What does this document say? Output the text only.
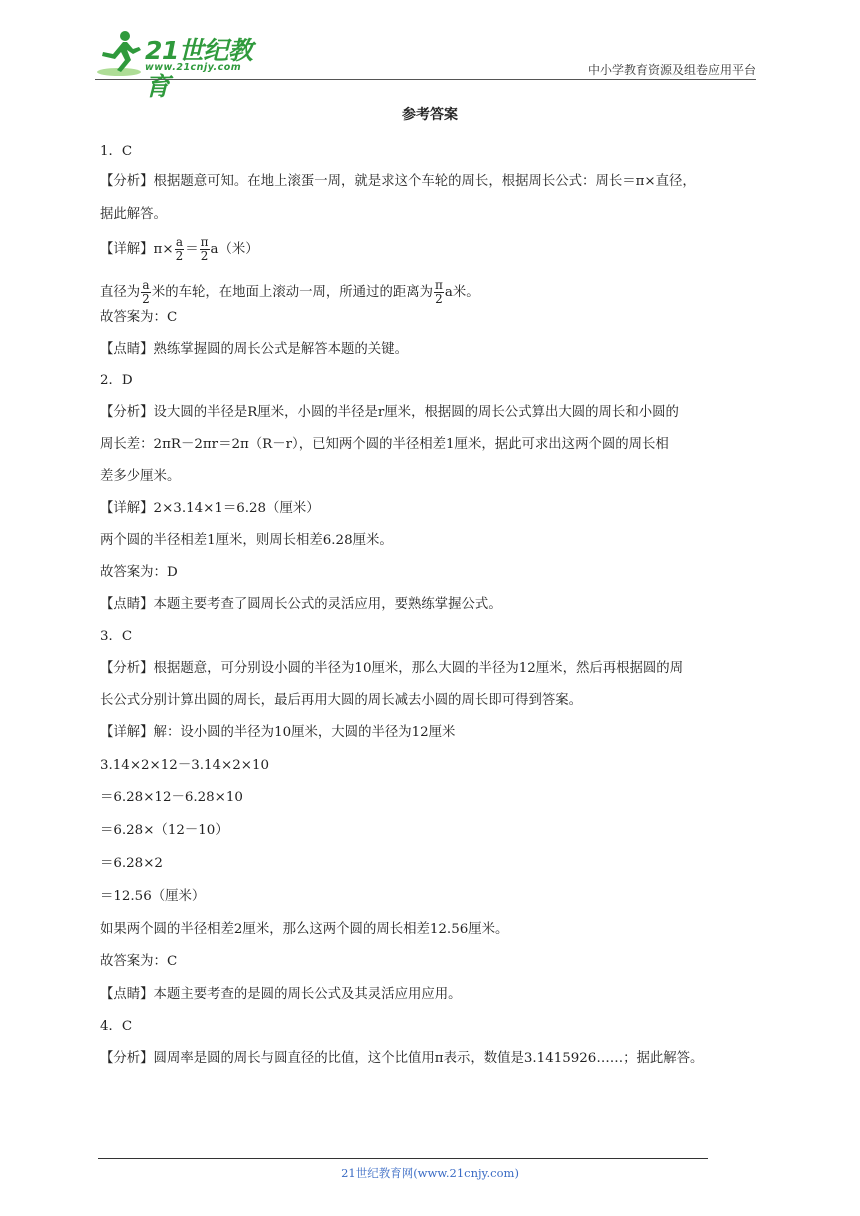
21世纪教育
www.21cnjy.com	中小学教育资源及组卷应用平台
参考答案
1．C
【分析】根据题意可知。在地上滚蛋一周，就是求这个车轮的周长，根据周长公式：周长＝π×直径，
据此解答。
【详解】$\pi\times \frac{a}{2} = \frac{\pi}{2} a$（米）
直径为 $\frac{a}{2}$ 米的车轮，在地面上滚动一周，所通过的距离为 $\frac{\pi}{2}$ a米。
故答案为：C
【点睛】熟练掌握圆的周长公式是解答本题的关键。
2．D
【分析】设大圆的半径是R厘米，小圆的半径是r厘米，根据圆的周长公式算出大圆的周长和小圆的
周长差：2πR－2πr＝2π（R－r），已知两个圆的半径相差1厘米，据此可求出这两个圆的周长相
差多少厘米。
【详解】2×3.14×1＝6.28（厘米）
两个圆的半径相差1厘米，则周长相差6.28厘米。
故答案为：D
【点睛】本题主要考查了圆周长公式的灵活应用，要熟练掌握公式。
3．C
【分析】根据题意，可分别设小圆的半径为10厘米，那么大圆的半径为12厘米，然后再根据圆的周
长公式分别计算出圆的周长，最后再用大圆的周长减去小圆的周长即可得到答案。
【详解】解：设小圆的半径为10厘米，大圆的半径为12厘米
3.14×2×12－3.14×2×10
＝6.28×12－6.28×10
＝6.28×（12－10）
＝6.28×2
＝12.56（厘米）
如果两个圆的半径相差2厘米，那么这两个圆的周长相差12.56厘米。
故答案为：C
【点睛】本题主要考查的是圆的周长公式及其灵活应用应用。
4．C
【分析】圆周率是圆的周长与圆直径的比值，这个比值用π表示，数值是3.1415926……；据此解答。
21世纪教育网(www.21cnjy.com)
